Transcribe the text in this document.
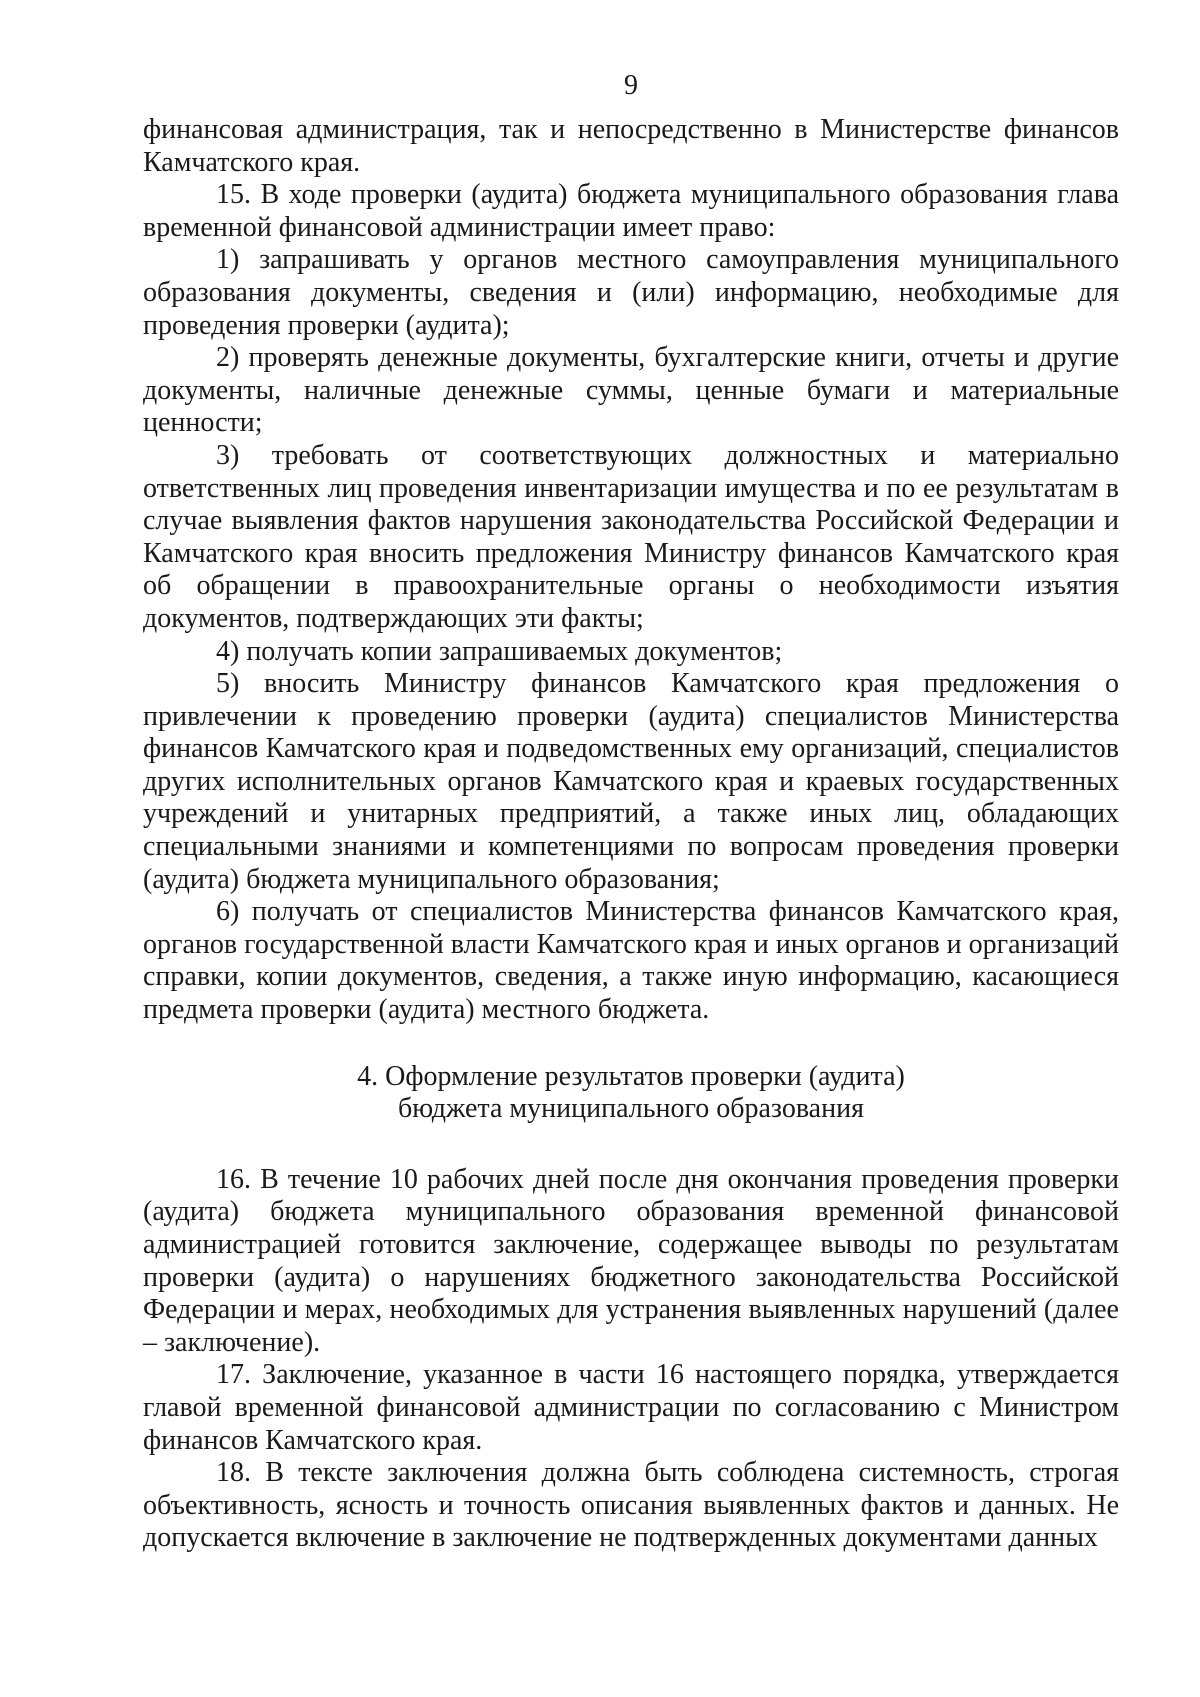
9

финансовая администрация, так и непосредственно в Министерстве финансов Камчатского края.

15. В ходе проверки (аудита) бюджета муниципального образования глава временной финансовой администрации имеет право:

1) запрашивать у органов местного самоуправления муниципального образования документы, сведения и (или) информацию, необходимые для проведения проверки (аудита);

2) проверять денежные документы, бухгалтерские книги, отчеты и другие документы, наличные денежные суммы, ценные бумаги и материальные ценности;

3) требовать от соответствующих должностных и материально ответственных лиц проведения инвентаризации имущества и по ее результатам в случае выявления фактов нарушения законодательства Российской Федерации и Камчатского края вносить предложения Министру финансов Камчатского края об обращении в правоохранительные органы о необходимости изъятия документов, подтверждающих эти факты;

4) получать копии запрашиваемых документов;

5) вносить Министру финансов Камчатского края предложения о привлечении к проведению проверки (аудита) специалистов Министерства финансов Камчатского края и подведомственных ему организаций, специалистов других исполнительных органов Камчатского края и краевых государственных учреждений и унитарных предприятий, а также иных лиц, обладающих специальными знаниями и компетенциями по вопросам проведения проверки (аудита) бюджета муниципального образования;

6) получать от специалистов Министерства финансов Камчатского края, органов государственной власти Камчатского края и иных органов и организаций справки, копии документов, сведения, а также иную информацию, касающиеся предмета проверки (аудита) местного бюджета.

4. Оформление результатов проверки (аудита)
бюджета муниципального образования

16. В течение 10 рабочих дней после дня окончания проведения проверки (аудита) бюджета муниципального образования временной финансовой администрацией готовится заключение, содержащее выводы по результатам проверки (аудита) о нарушениях бюджетного законодательства Российской Федерации и мерах, необходимых для устранения выявленных нарушений (далее – заключение).

17. Заключение, указанное в части 16 настоящего порядка, утверждается главой временной финансовой администрации по согласованию с Министром финансов Камчатского края.

18. В тексте заключения должна быть соблюдена системность, строгая объективность, ясность и точность описания выявленных фактов и данных. Не допускается включение в заключение не подтвержденных документами данных
